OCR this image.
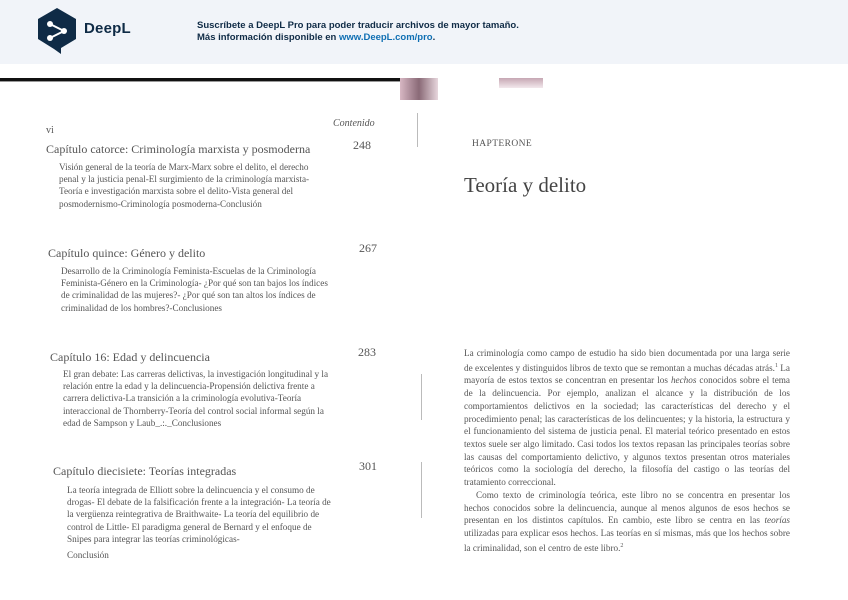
DeepL	Suscríbete a DeepL Pro para poder traducir archivos de mayor tamaño.
Más información disponible en www.DeepL.com/pro.
Contenido
vi
Capítulo catorce: Criminología marxista y posmoderna	248
Visión general de la teoría de Marx-Marx sobre el delito, el derecho
penal y la justicia penal-El surgimiento de la criminología marxista-
Teoría e investigación marxista sobre el delito-Vista general del
posmodernismo-Criminología posmoderna-Conclusión
Capítulo quince: Género y delito	267
Desarrollo de la Criminología Feminista-Escuelas de la Criminología
Feminista-Género en la Criminología- ¿Por qué son tan bajos los índices
de criminalidad de las mujeres?- ¿Por qué son tan altos los índices de
criminalidad de los hombres?-Conclusiones
Capítulo 16: Edad y delincuencia	283
El gran debate: Las carreras delictivas, la investigación longitudinal y la
relación entre la edad y la delincuencia-Propensión delictiva frente a
carrera delictiva-La transición a la criminología evolutiva-Teoría
interaccional de Thornberry-Teoría del control social informal según la
edad de Sampson y Laub_.:._Conclusiones
Capítulo diecisiete: Teorías integradas	301
La teoría integrada de Elliott sobre la delincuencia y el consumo de
drogas- El debate de la falsificación frente a la integración- La teoría de
la vergüenza reintegrativa de Braithwaite- La teoría del equilibrio de
control de Little- El paradigma general de Bernard y el enfoque de
Snipes para integrar las teorías criminológicas-
Conclusión
HAPTERONE
Teoría y delito

La criminología como campo de estudio ha sido bien documentada por una larga serie de excelentes y distinguidos libros de texto que se remontan a muchas décadas atrás.$^1$ La mayoría de estos textos se concentran en presentar los hechos conocidos sobre el tema de la delincuencia. Por ejemplo, analizan el alcance y la distribución de los comportamientos delictivos en la sociedad; las características del derecho y el procedimiento penal; las características de los delincuentes; y la historia, la estructura y el funcionamiento del sistema de justicia penal. El material teórico presentado en estos textos suele ser algo limitado. Casi todos los textos repasan las principales teorías sobre las causas del comportamiento delictivo, y algunos textos presentan otros materiales teóricos como la sociología del derecho, la filosofía del castigo o las teorías del tratamiento correccional.

Como texto de criminología teórica, este libro no se concentra en presentar los hechos conocidos sobre la delincuencia, aunque al menos algunos de esos hechos se presentan en los distintos capítulos. En cambio, este libro se centra en las teorías utilizadas para explicar esos hechos. Las teorías en sí mismas, más que los hechos sobre la criminalidad, son el centro de este libro.$^2$
